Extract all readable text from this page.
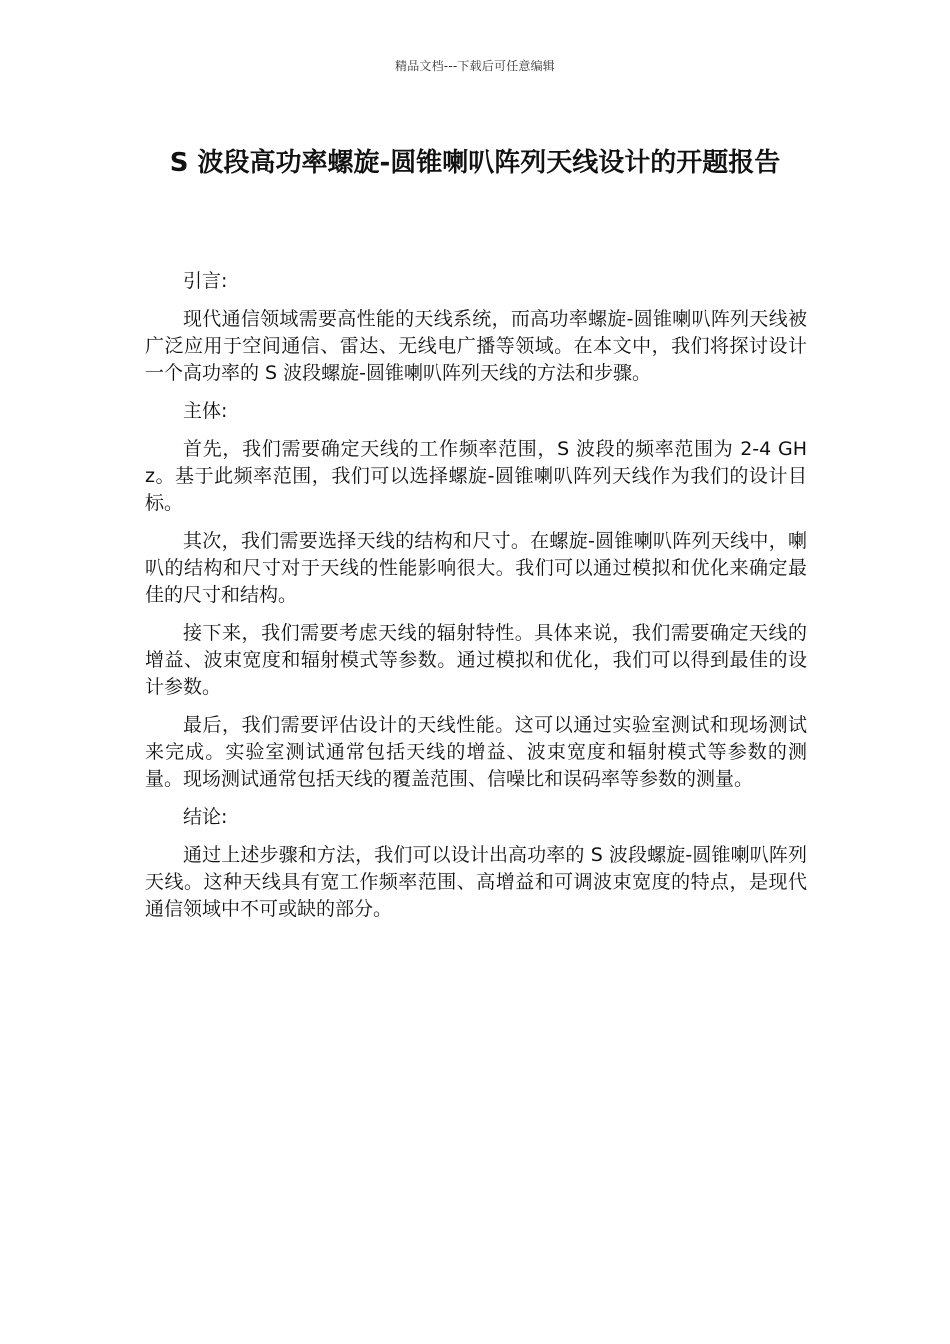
精品文档---下载后可任意编辑
S 波段高功率螺旋-圆锥喇叭阵列天线设计的开题报告

引言:

现代通信领域需要高性能的天线系统，而高功率螺旋-圆锥喇叭阵列天线被广泛应用于空间通信、雷达、无线电广播等领域。在本文中，我们将探讨设计一个高功率的 S 波段螺旋-圆锥喇叭阵列天线的方法和步骤。

主体:

首先，我们需要确定天线的工作频率范围，S 波段的频率范围为 2-4 GHz。基于此频率范围，我们可以选择螺旋-圆锥喇叭阵列天线作为我们的设计目标。

其次，我们需要选择天线的结构和尺寸。在螺旋-圆锥喇叭阵列天线中，喇叭的结构和尺寸对于天线的性能影响很大。我们可以通过模拟和优化来确定最佳的尺寸和结构。

接下来，我们需要考虑天线的辐射特性。具体来说，我们需要确定天线的增益、波束宽度和辐射模式等参数。通过模拟和优化，我们可以得到最佳的设计参数。

最后，我们需要评估设计的天线性能。这可以通过实验室测试和现场测试来完成。实验室测试通常包括天线的增益、波束宽度和辐射模式等参数的测量。现场测试通常包括天线的覆盖范围、信噪比和误码率等参数的测量。

结论:

通过上述步骤和方法，我们可以设计出高功率的 S 波段螺旋-圆锥喇叭阵列天线。这种天线具有宽工作频率范围、高增益和可调波束宽度的特点，是现代通信领域中不可或缺的部分。
